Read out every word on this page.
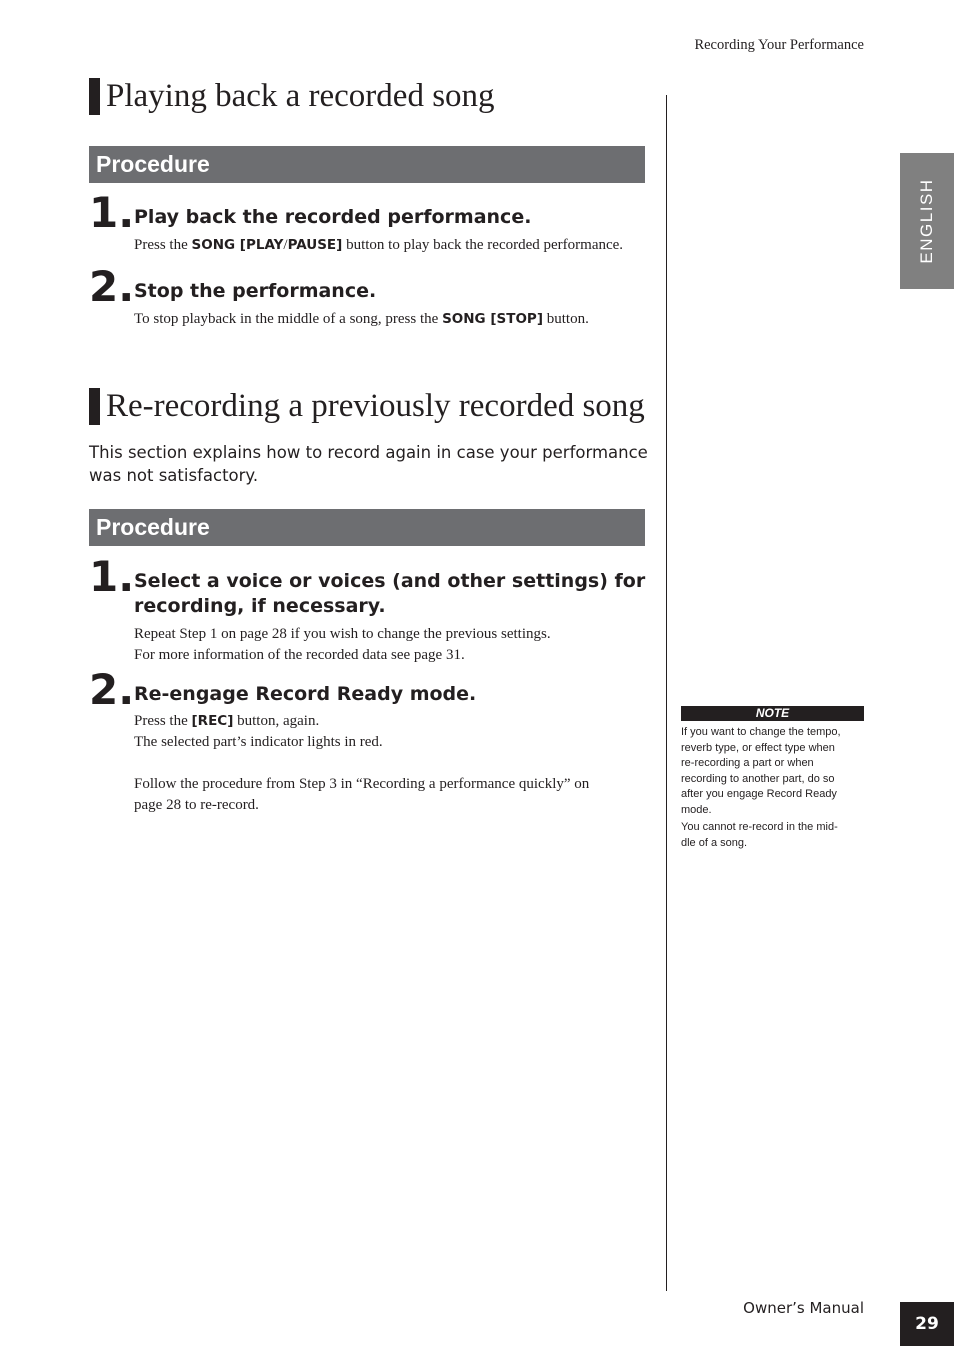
Recording Your Performance
ENGLISH
Playing back a recorded song
Procedure
1. Play back the recorded performance.
Press the SONG [PLAY/PAUSE] button to play back the recorded performance.
2. Stop the performance.
To stop playback in the middle of a song, press the SONG [STOP] button.
Re-recording a previously recorded song
This section explains how to record again in case your performance
was not satisfactory.
Procedure
1. Select a voice or voices (and other settings) for
recording, if necessary.
Repeat Step 1 on page 28 if you wish to change the previous settings.
For more information of the recorded data see page 31.
2. Re-engage Record Ready mode.
Press the [REC] button, again.
The selected part’s indicator lights in red.
Follow the procedure from Step 3 in “Recording a performance quickly” on
page 28 to re-record.
NOTE
If you want to change the tempo,
reverb type, or effect type when
re-recording a part or when
recording to another part, do so
after you engage Record Ready
mode.
You cannot re-record in the mid-
dle of a song.
Owner’s Manual
29
